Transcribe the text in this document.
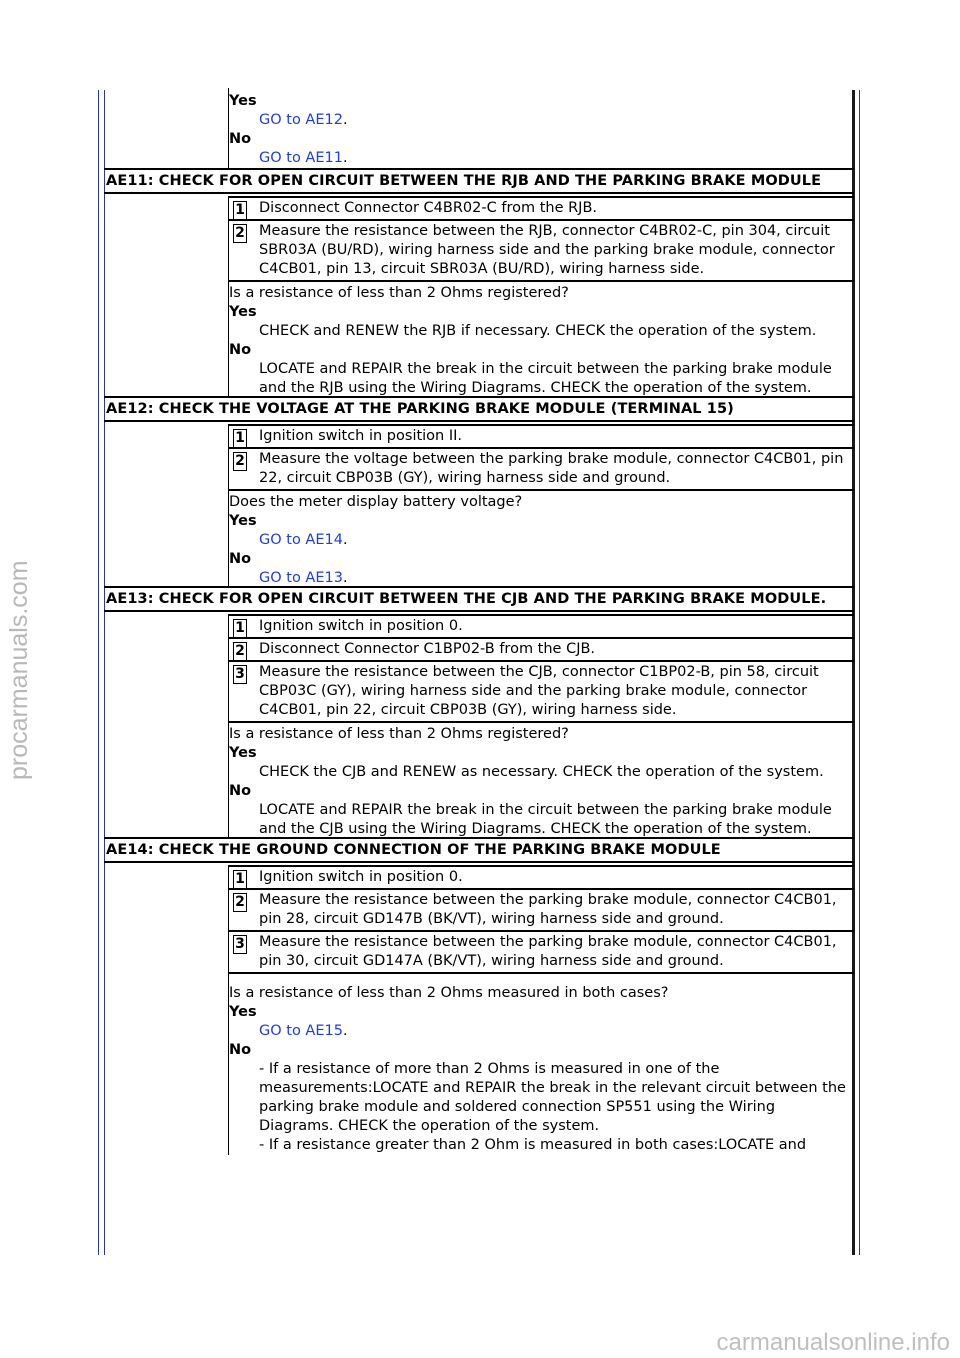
Yes
GO to AE12.
No
GO to AE11.
AE11: CHECK FOR OPEN CIRCUIT BETWEEN THE RJB AND THE PARKING BRAKE MODULE
1 Disconnect Connector C4BR02-C from the RJB.
2 Measure the resistance between the RJB, connector C4BR02-C, pin 304, circuit SBR03A (BU/RD), wiring harness side and the parking brake module, connector C4CB01, pin 13, circuit SBR03A (BU/RD), wiring harness side.
Is a resistance of less than 2 Ohms registered?
Yes
CHECK and RENEW the RJB if necessary. CHECK the operation of the system.
No
LOCATE and REPAIR the break in the circuit between the parking brake module and the RJB using the Wiring Diagrams. CHECK the operation of the system.
AE12: CHECK THE VOLTAGE AT THE PARKING BRAKE MODULE (TERMINAL 15)
1 Ignition switch in position II.
2 Measure the voltage between the parking brake module, connector C4CB01, pin 22, circuit CBP03B (GY), wiring harness side and ground.
Does the meter display battery voltage?
Yes
GO to AE14.
No
GO to AE13.
AE13: CHECK FOR OPEN CIRCUIT BETWEEN THE CJB AND THE PARKING BRAKE MODULE.
1 Ignition switch in position 0.
2 Disconnect Connector C1BP02-B from the CJB.
3 Measure the resistance between the CJB, connector C1BP02-B, pin 58, circuit CBP03C (GY), wiring harness side and the parking brake module, connector C4CB01, pin 22, circuit CBP03B (GY), wiring harness side.
Is a resistance of less than 2 Ohms registered?
Yes
CHECK the CJB and RENEW as necessary. CHECK the operation of the system.
No
LOCATE and REPAIR the break in the circuit between the parking brake module and the CJB using the Wiring Diagrams. CHECK the operation of the system.
AE14: CHECK THE GROUND CONNECTION OF THE PARKING BRAKE MODULE
1 Ignition switch in position 0.
2 Measure the resistance between the parking brake module, connector C4CB01, pin 28, circuit GD147B (BK/VT), wiring harness side and ground.
3 Measure the resistance between the parking brake module, connector C4CB01, pin 30, circuit GD147A (BK/VT), wiring harness side and ground.
Is a resistance of less than 2 Ohms measured in both cases?
Yes
GO to AE15.
No
- If a resistance of more than 2 Ohms is measured in one of the measurements:LOCATE and REPAIR the break in the relevant circuit between the parking brake module and soldered connection SP551 using the Wiring Diagrams. CHECK the operation of the system.
- If a resistance greater than 2 Ohm is measured in both cases:LOCATE and
procarmanuals.com
carmanualsonline.info
